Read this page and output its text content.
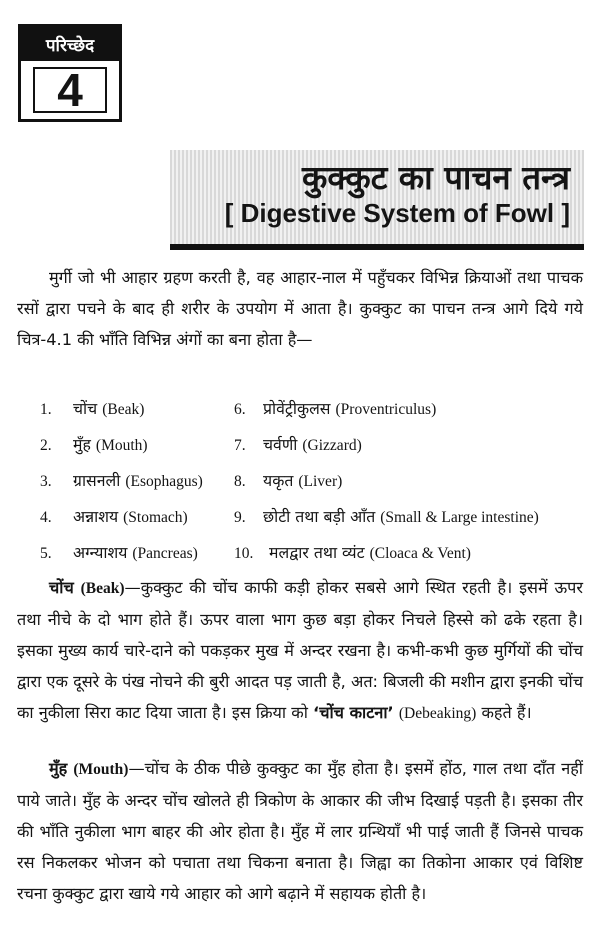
परिच्छेद
4
कुक्कुट का पाचन तन्त्र
[ Digestive System of Fowl ]

मुर्गी जो भी आहार ग्रहण करती है, वह आहार-नाल में पहुँचकर विभिन्न क्रियाओं तथा पाचक रसों द्वारा पचने के बाद ही शरीर के उपयोग में आता है। कुक्कुट का पाचन तन्त्र आगे दिये गये चित्र-4.1 की भाँति विभिन्न अंगों का बना होता है—

1. चोंच (Beak)
2. मुँह (Mouth)
3. ग्रासनली (Esophagus)
4. अन्नाशय (Stomach)
5. अग्न्याशय (Pancreas)
6. प्रोवेंट्रीकुलस (Proventriculus)
7. चर्वणी (Gizzard)
8. यकृत (Liver)
9. छोटी तथा बड़ी आँत (Small & Large intestine)
10. मलद्वार तथा व्यंट (Cloaca & Vent)

चोंच (Beak)—कुक्कुट की चोंच काफी कड़ी होकर सबसे आगे स्थित रहती है। इसमें ऊपर तथा नीचे के दो भाग होते हैं। ऊपर वाला भाग कुछ बड़ा होकर निचले हिस्से को ढके रहता है। इसका मुख्य कार्य चारे-दाने को पकड़कर मुख में अन्दर रखना है। कभी-कभी कुछ मुर्गियों की चोंच द्वारा एक दूसरे के पंख नोचने की बुरी आदत पड़ जाती है, अत: बिजली की मशीन द्वारा इनकी चोंच का नुकीला सिरा काट दिया जाता है। इस क्रिया को ‘चोंच काटना’ (Debeaking) कहते हैं।

मुँह (Mouth)—चोंच के ठीक पीछे कुक्कुट का मुँह होता है। इसमें होंठ, गाल तथा दाँत नहीं पाये जाते। मुँह के अन्दर चोंच खोलते ही त्रिकोण के आकार की जीभ दिखाई पड़ती है। इसका तीर की भाँति नुकीला भाग बाहर की ओर होता है। मुँह में लार ग्रन्थियाँ भी पाई जाती हैं जिनसे पाचक रस निकलकर भोजन को पचाता तथा चिकना बनाता है। जिह्वा का तिकोना आकार एवं विशिष्ट रचना कुक्कुट द्वारा खाये गये आहार को आगे बढ़ाने में सहायक होती है।
